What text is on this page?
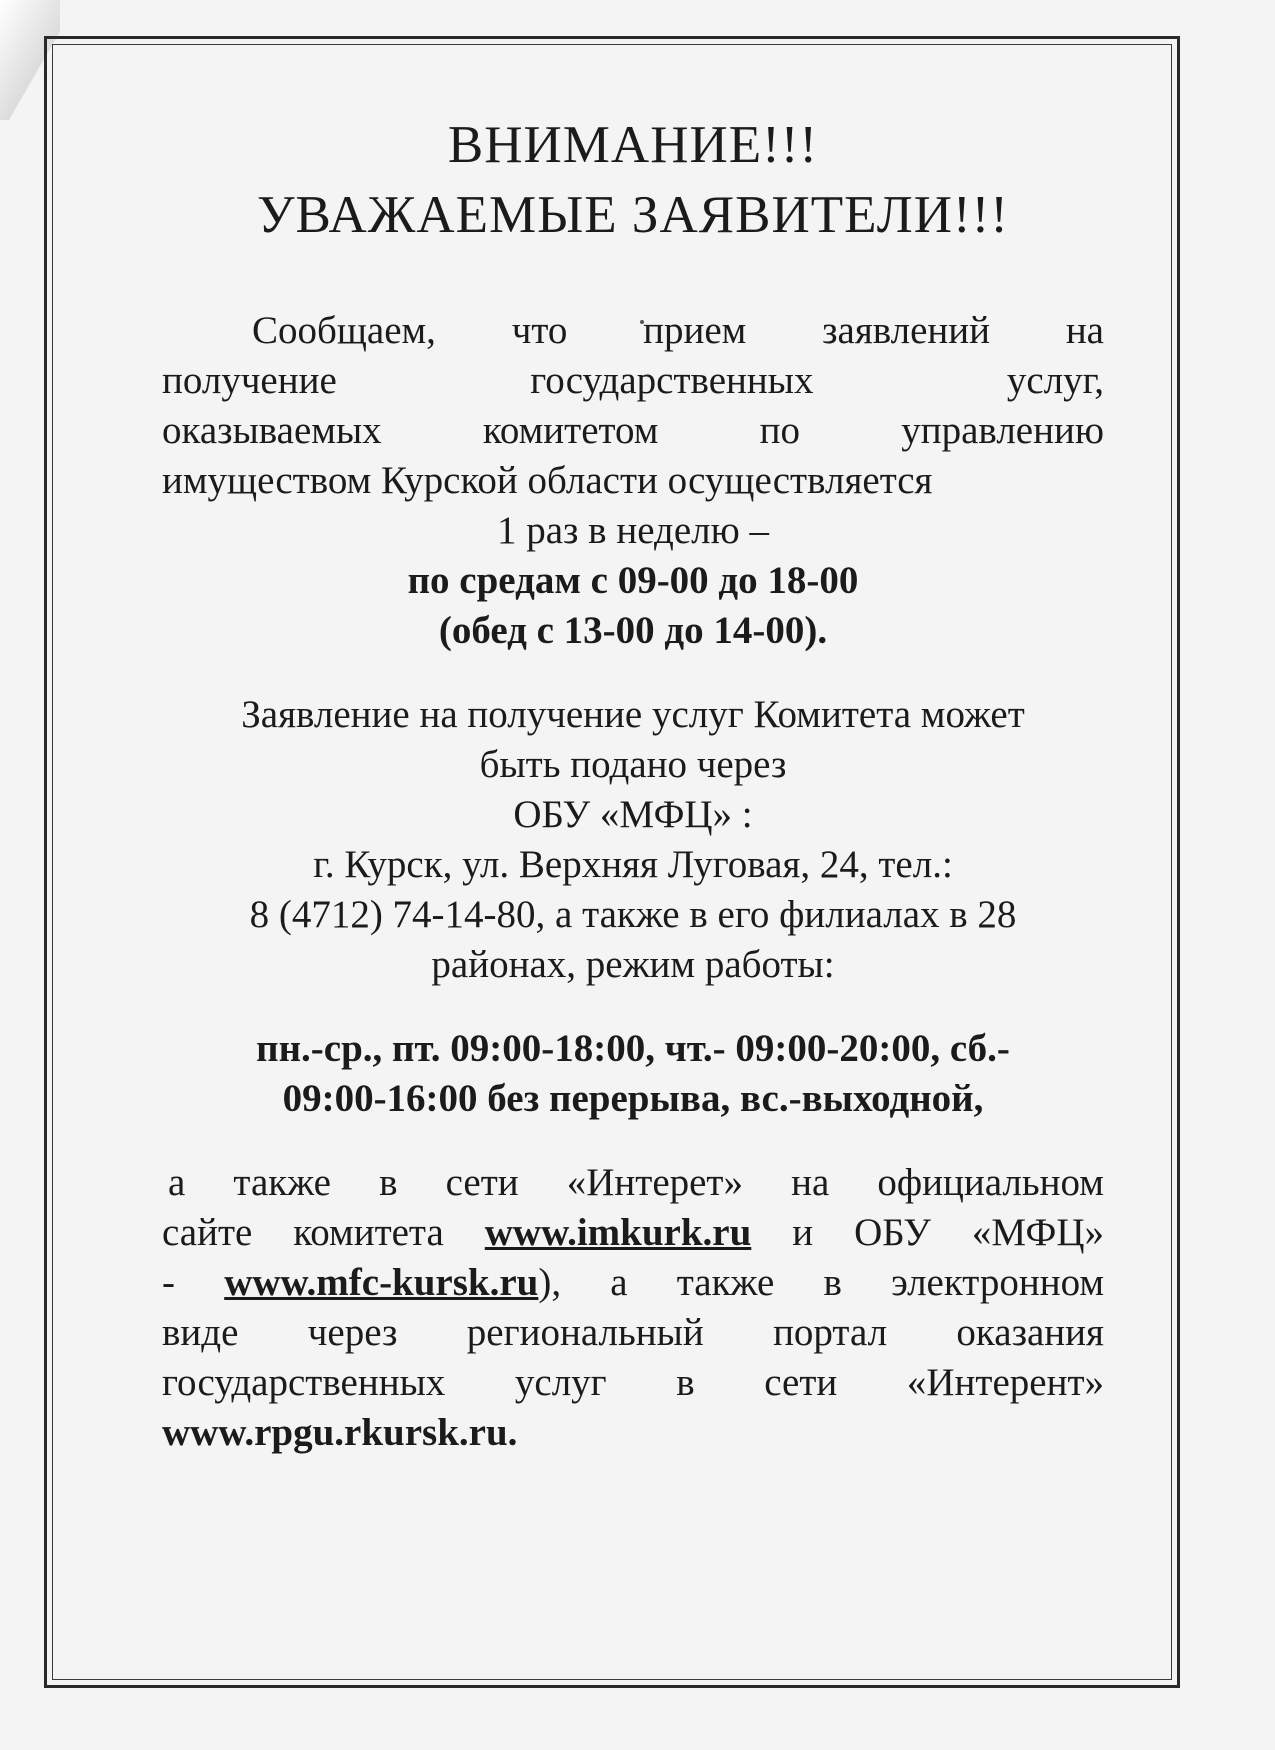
ВНИМАНИЕ!!!
УВАЖАЕМЫЕ ЗАЯВИТЕЛИ!!!

Сообщаем, что прием заявлений на

получение государственных услуг,

оказываемых комитетом по управлению

имуществом Курской области осуществляется

1 раз в неделю –

по средам с 09-00 до 18-00

(обед с 13-00 до 14-00).

Заявление на получение услуг Комитета может

быть подано через

ОБУ «МФЦ» :

г. Курск, ул. Верхняя Луговая, 24, тел.:

8 (4712) 74-14-80, а также в его филиалах в 28

районах, режим работы:

пн.-ср., пт. 09:00-18:00, чт.- 09:00-20:00, сб.-

09:00-16:00 без перерыва, вс.-выходной,

а также в сети «Интерет» на официальном

сайте комитета www.imkurk.ru и ОБУ «МФЦ»

- www.mfc-kursk.ru), а также в электронном

виде через региональный портал оказания

государственных услуг в сети «Интерент»

www.rpgu.rkursk.ru.
